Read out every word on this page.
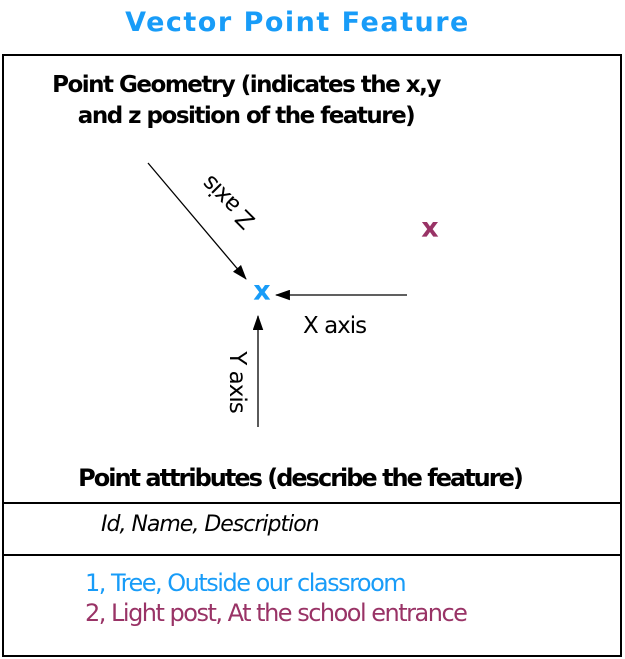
Vector Point Feature
Point Geometry (indicates the x,y
and z position of the feature)
Z axis
X axis
Y axis
x
x
Point attributes (describe the feature)
Id, Name, Description
1, Tree, Outside our classroom
2, Light post, At the school entrance
